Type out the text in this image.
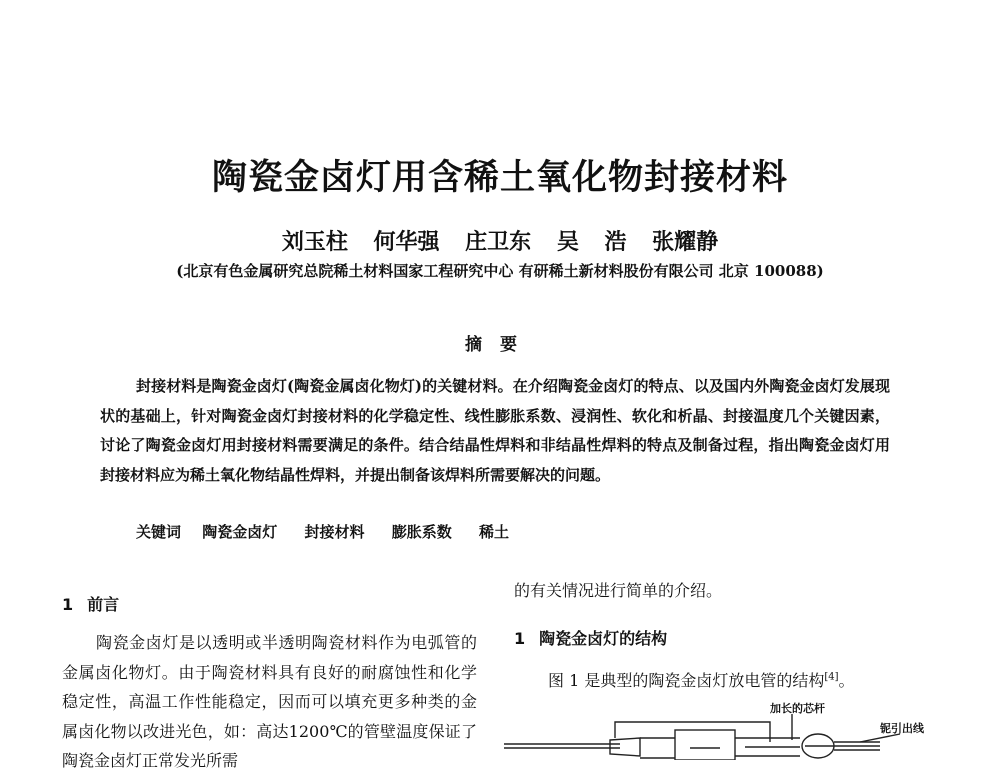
陶瓷金卤灯用含稀土氧化物封接材料
刘玉柱 何华强 庄卫东 吴 浩 张耀静
(北京有色金属研究总院稀土材料国家工程研究中心 有研稀土新材料股份有限公司 北京 100088)
摘要
封接材料是陶瓷金卤灯(陶瓷金属卤化物灯)的关键材料。在介绍陶瓷金卤灯的特点、以及国内外陶瓷金卤灯发展现状的基础上，针对陶瓷金卤灯封接材料的化学稳定性、线性膨胀系数、浸润性、软化和析晶、封接温度几个关键因素，讨论了陶瓷金卤灯用封接材料需要满足的条件。结合结晶性焊料和非结晶性焊料的特点及制备过程，指出陶瓷金卤灯用封接材料应为稀土氧化物结晶性焊料，并提出制备该焊料所需要解决的问题。
关键词 陶瓷金卤灯 封接材料 膨胀系数 稀土
1 前言
陶瓷金卤灯是以透明或半透明陶瓷材料作为电弧管的金属卤化物灯。由于陶瓷材料具有良好的耐腐蚀性和化学稳定性，高温工作性能稳定，因而可以填充更多种类的金属卤化物以改进光色，如：高达1200℃的管壁温度保证了陶瓷金卤灯正常发光所需
的有关情况进行简单的介绍。
1 陶瓷金卤灯的结构
图 1 是典型的陶瓷金卤灯放电管的结构[4]。
加长的芯杆
铌引出线
